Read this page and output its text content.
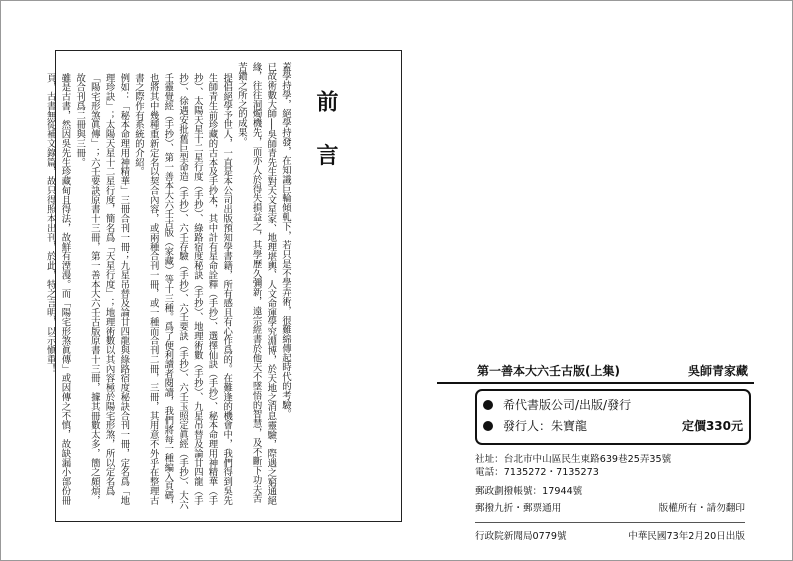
前 言

蓋學持學，絕學持發，在知識巨輪傾軋下，若只是不學弄術，很難綿傳起時代的考驗。

已故術數大師──吳師青先生對天文星家、地理堪輿、人文命運學究淵博，於天地之消息靈驗，際遇之窮通絕緣，往往洞燭機先，而亦人於得失損益之，其學歷久彌新，遠宗經書於他天不墜悟的智慧，及不斷下功夫苦苦鑽之所之的成果。

提倡絕學予世人，一直是本公司出版預知學書籍，所有感且有心作爲的。在難逢的機會中，我們得到吳先生師青生前珍藏的古本及手抄本，其中計有星命詮釋（手抄）、選擇仙訣（手抄）、秘本命理用神精華（手抄）、太陽天星十二星行度（手抄）、綠路宿度秘訣（手抄）、地理術數（手抄）、九星吊替及論廿四龍（手抄）、徐遇安批舊巨型命造（手抄）、六壬存驗（手抄）、六壬要訣（手抄）、六壬玉照定眞經（手抄）、大六壬靈覺經（手抄）、第一善本大六壬古版（家藏）等十三種。爲了便利讀者閱讀，我們將每一種編入頁碼，也將其中幾種重新定名以契合內容，或兩種合刊一冊，或一種而合刊二冊，三冊，其用意不外乎在整理古書之際作有系統的介紹。

例如：「秘本命理用神精華」三冊合刊一冊；九星吊替及論廿四龍與綠路宿度秘訣合刊一冊，定名爲「地理珍訣」；太陽天星十二星行度，簡名爲「天星行度」；地理術數以其內容極於陽宅形煞，所以定名爲「陽宅形煞眞傳」；六壬要訣原書十三冊，第一善本大六壬古版原書十三冊，據其冊數太多，簡之頗煩，故合刊爲二冊與三冊。

雖是古書，然因吳先生珍藏甸且得法，故鮮有湮漫。而「陽宅形煞眞傳」或因傳之不慎，故缺漏小部份冊頁，古書無從補文錄篇，故只得照本出刊，於此，特之言明，以示愼重！	第一善本大六壬古版(上集)	吳師青家藏
希代書版公司/出版/發行
發行人：朱寶龍	定價330元
社址：台北市中山區民生東路639巷25弄35號
電話：7135272・7135273
郵政劃撥帳號：17944號
郵撥九折・郵票通用	版權所有・請勿翻印
行政院新聞局0779號	中華民國73年2月20日出版
